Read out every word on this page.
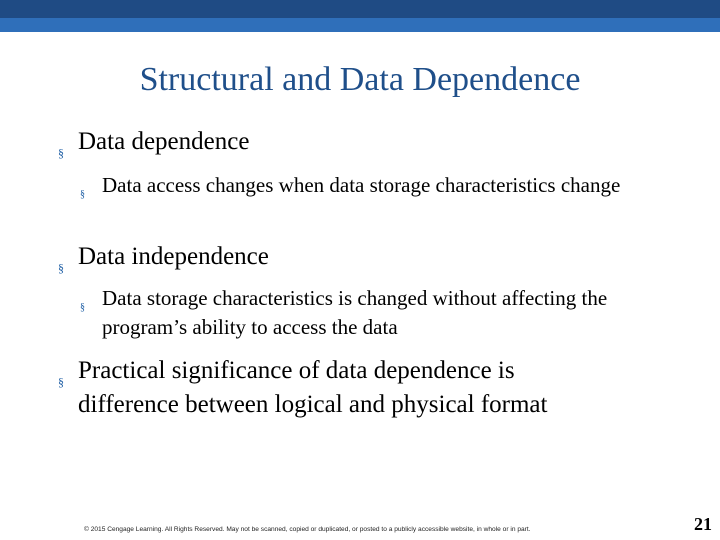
Structural and Data Dependence
§ Data dependence
§ Data access changes when data storage characteristics change
§ Data independence
§ Data storage characteristics is changed without affecting the program’s ability to access the data
§ Practical significance of data dependence is difference between logical and physical format
© 2015 Cengage Learning. All Rights Reserved. May not be scanned, copied or duplicated, or posted to a publicly accessible website, in whole or in part.	21
